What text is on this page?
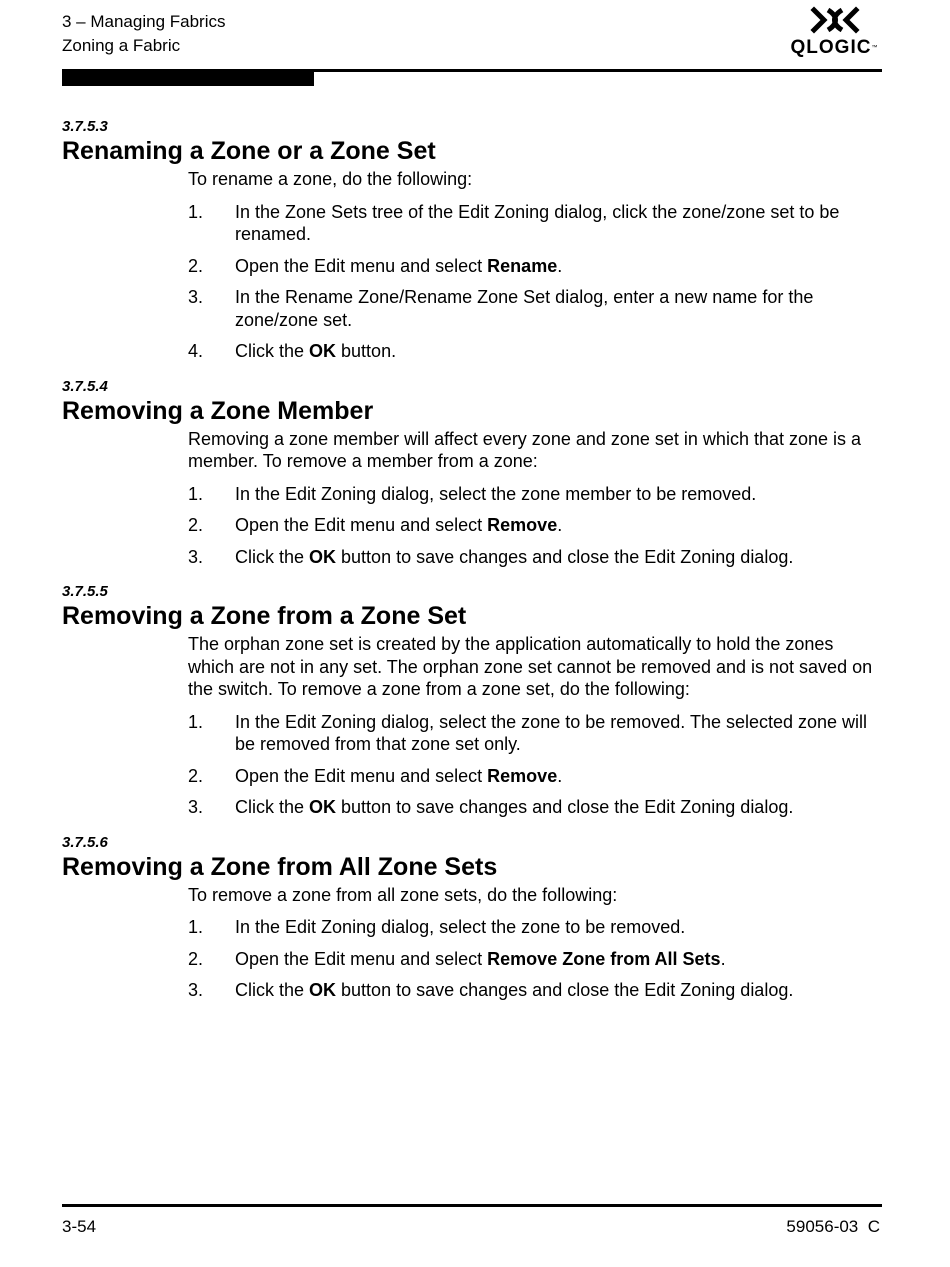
3 – Managing Fabrics
Zoning a Fabric	QLOGIC™
3.7.5.3
Renaming a Zone or a Zone Set

To rename a zone, do the following:

1. In the Zone Sets tree of the Edit Zoning dialog, click the zone/zone set to be renamed.
2. Open the Edit menu and select Rename.
3. In the Rename Zone/Rename Zone Set dialog, enter a new name for the zone/zone set.
4. Click the OK button.
3.7.5.4
Removing a Zone Member

Removing a zone member will affect every zone and zone set in which that zone is a member. To remove a member from a zone:

1. In the Edit Zoning dialog, select the zone member to be removed.
2. Open the Edit menu and select Remove.
3. Click the OK button to save changes and close the Edit Zoning dialog.
3.7.5.5
Removing a Zone from a Zone Set

The orphan zone set is created by the application automatically to hold the zones which are not in any set. The orphan zone set cannot be removed and is not saved on the switch. To remove a zone from a zone set, do the following:

1. In the Edit Zoning dialog, select the zone to be removed. The selected zone will be removed from that zone set only.
2. Open the Edit menu and select Remove.
3. Click the OK button to save changes and close the Edit Zoning dialog.
3.7.5.6
Removing a Zone from All Zone Sets

To remove a zone from all zone sets, do the following:

1. In the Edit Zoning dialog, select the zone to be removed.
2. Open the Edit menu and select Remove Zone from All Sets.
3. Click the OK button to save changes and close the Edit Zoning dialog.
3-54	59056-03  C
